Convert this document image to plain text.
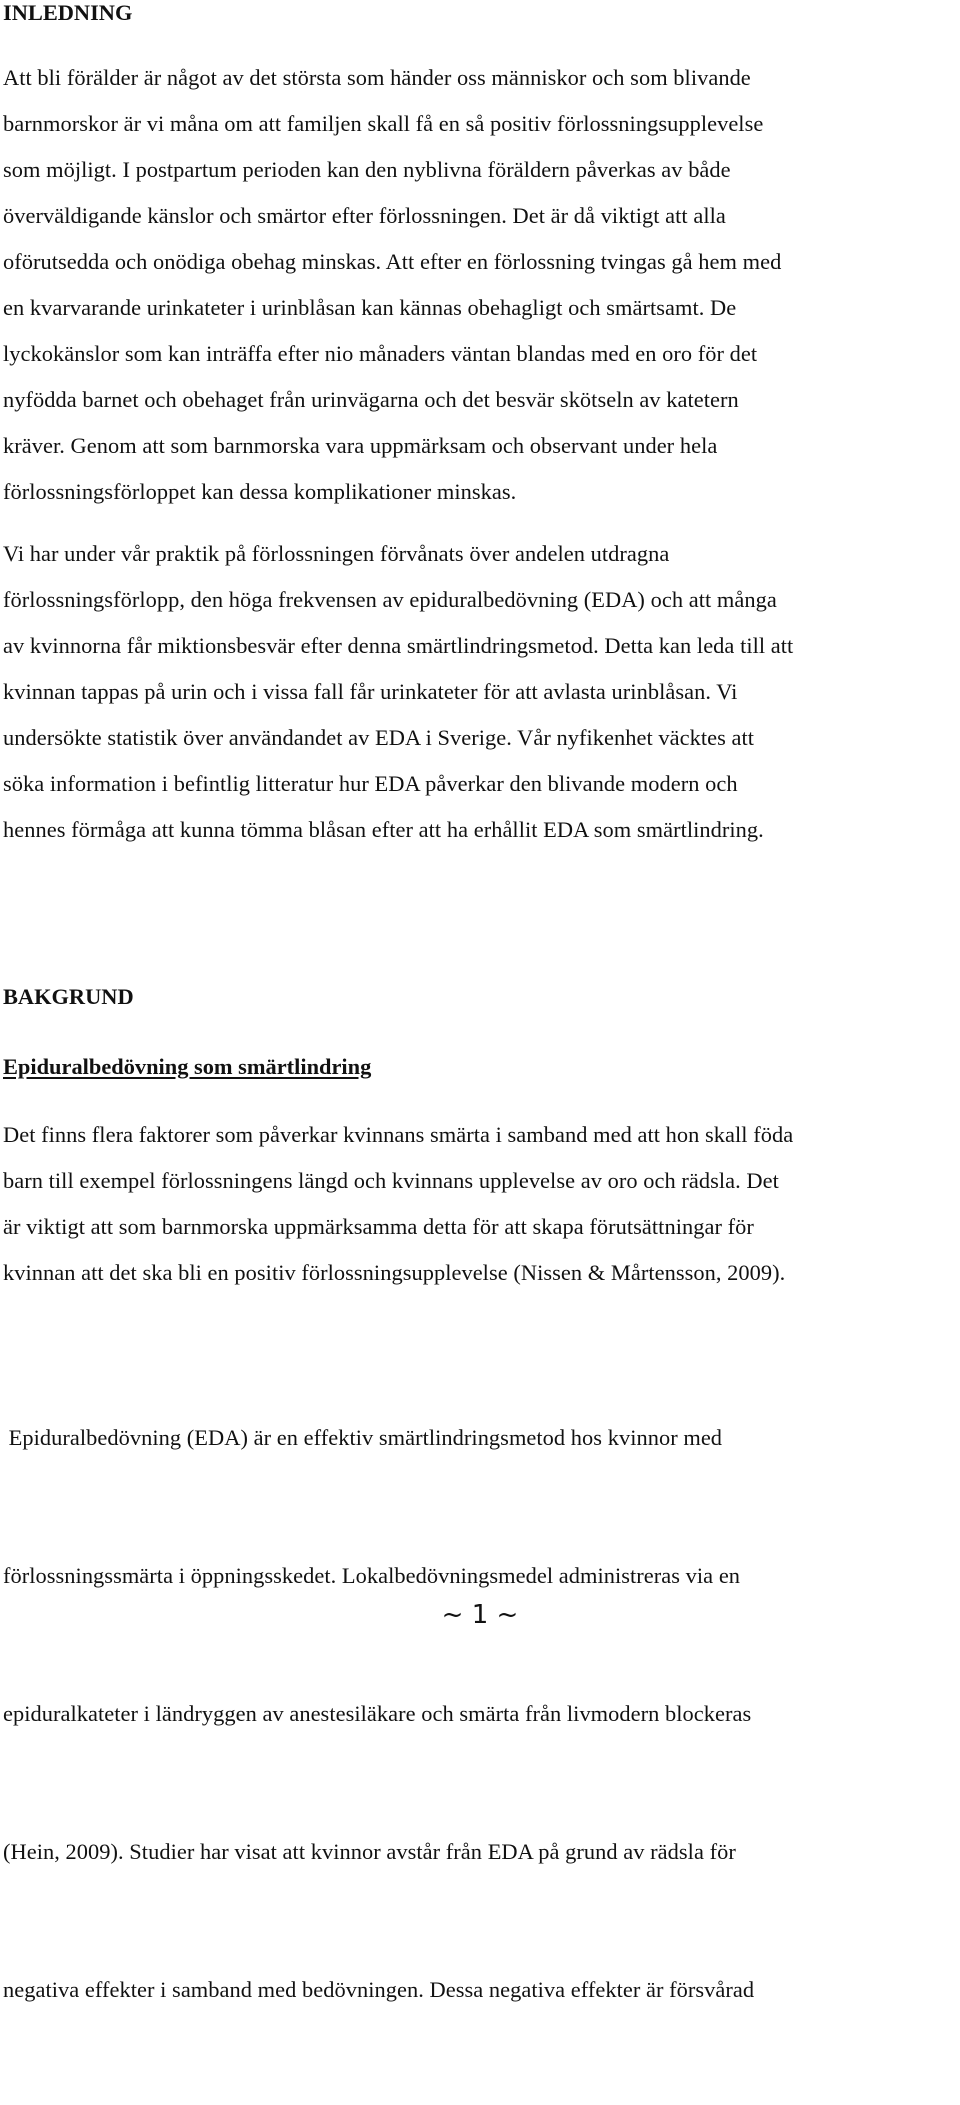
INLEDNING

Att bli förälder är något av det största som händer oss människor och som blivande
barnmorskor är vi måna om att familjen skall få en så positiv förlossningsupplevelse
som möjligt. I postpartum perioden kan den nyblivna föräldern påverkas av både
överväldigande känslor och smärtor efter förlossningen. Det är då viktigt att alla
oförutsedda och onödiga obehag minskas. Att efter en förlossning tvingas gå hem med
en kvarvarande urinkateter i urinblåsan kan kännas obehagligt och smärtsamt. De
lyckokänslor som kan inträffa efter nio månaders väntan blandas med en oro för det
nyfödda barnet och obehaget från urinvägarna och det besvär skötseln av katetern
kräver. Genom att som barnmorska vara uppmärksam och observant under hela
förlossningsförloppet kan dessa komplikationer minskas.

Vi har under vår praktik på förlossningen förvånats över andelen utdragna
förlossningsförlopp, den höga frekvensen av epiduralbedövning (EDA) och att många
av kvinnorna får miktionsbesvär efter denna smärtlindringsmetod. Detta kan leda till att
kvinnan tappas på urin och i vissa fall får urinkateter för att avlasta urinblåsan. Vi
undersökte statistik över användandet av EDA i Sverige. Vår nyfikenhet väcktes att
söka information i befintlig litteratur hur EDA påverkar den blivande modern och
hennes förmåga att kunna tömma blåsan efter att ha erhållit EDA som smärtlindring.

BAKGRUND
Epiduralbedövning som smärtlindring

Det finns flera faktorer som påverkar kvinnans smärta i samband med att hon skall föda
barn till exempel förlossningens längd och kvinnans upplevelse av oro och rädsla. Det
är viktigt att som barnmorska uppmärksamma detta för att skapa förutsättningar för
kvinnan att det ska bli en positiv förlossningsupplevelse (Nissen & Mårtensson, 2009).

Epiduralbedövning (EDA) är en effektiv smärtlindringsmetod hos kvinnor med

förlossningssmärta i öppningsskedet. Lokalbedövningsmedel administreras via en

epiduralkateter i ländryggen av anestesiläkare och smärta från livmodern blockeras

(Hein, 2009). Studier har visat att kvinnor avstår från EDA på grund av rädsla för

negativa effekter i samband med bedövningen. Dessa negativa effekter är försvårad

~ 1 ~
